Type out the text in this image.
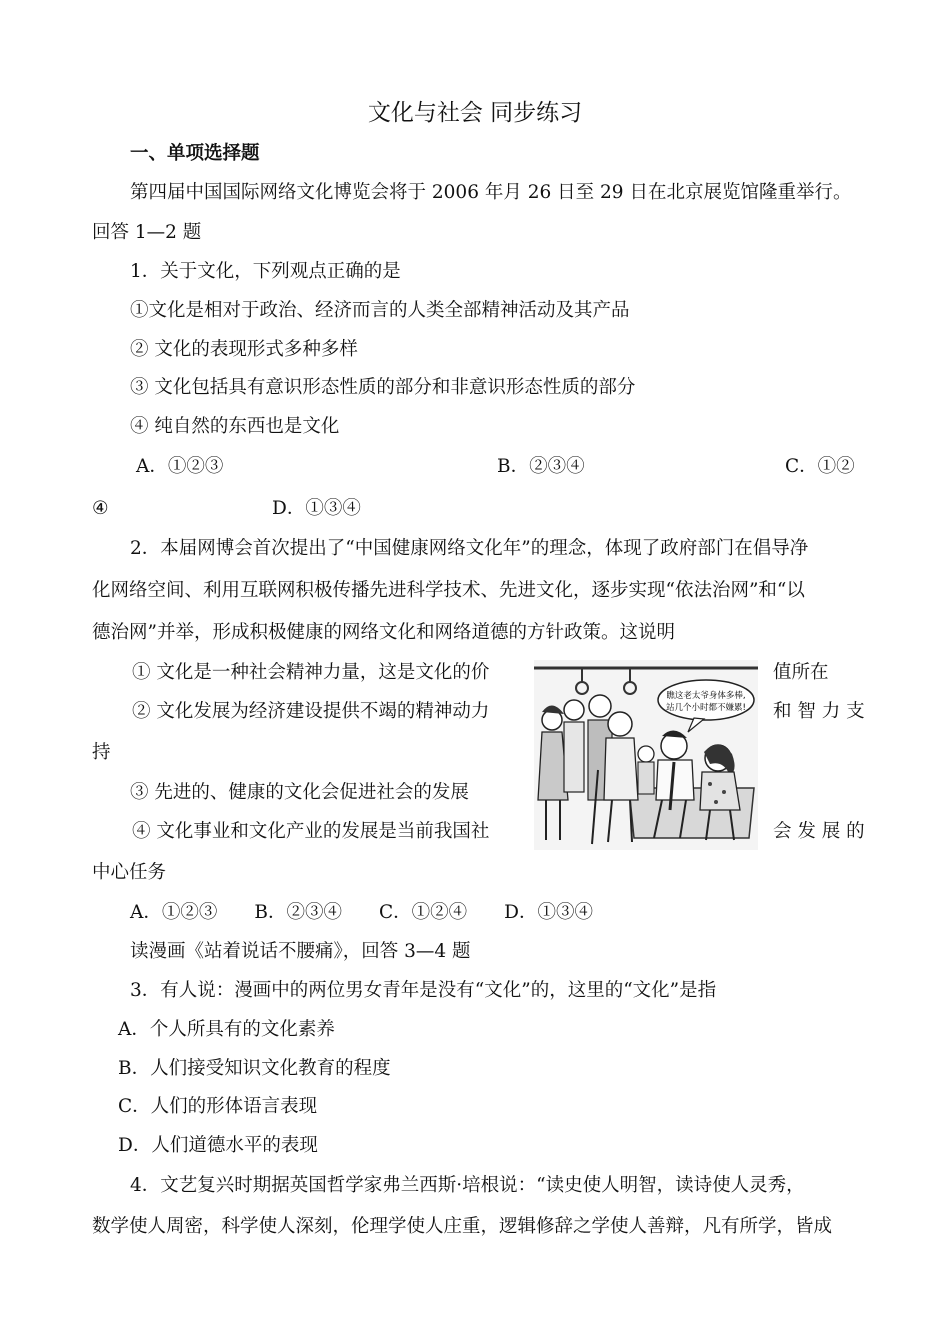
文化与社会 同步练习
一、单项选择题
第四届中国国际网络文化博览会将于 2006 年月 26 日至 29 日在北京展览馆隆重举行。
回答 1—2 题
1．关于文化，下列观点正确的是
①文化是相对于政治、经济而言的人类全部精神活动及其产品
② 文化的表现形式多种多样
③ 文化包括具有意识形态性质的部分和非意识形态性质的部分
④ 纯自然的东西也是文化
A．①②③	B．②③④	C．①②
④	D．①③④
2．本届网博会首次提出了“中国健康网络文化年”的理念，体现了政府部门在倡导净
化网络空间、利用互联网积极传播先进科学技术、先进文化，逐步实现“依法治网”和“以
德治网”并举，形成积极健康的网络文化和网络道德的方针政策。这说明
① 文化是一种社会精神力量，这是文化的价	值所在
② 文化发展为经济建设提供不竭的精神动力	和 智 力 支
持
③ 先进的、健康的文化会促进社会的发展
④ 文化事业和文化产业的发展是当前我国社	会 发 展 的
中心任务
A．①②③　　B．②③④　　C．①②④　　D．①③④
瞧这老太爷身体多棒,
站几个小时都不嫌累!
读漫画《站着说话不腰痛》，回答 3—4 题
3．有人说：漫画中的两位男女青年是没有“文化”的，这里的“文化”是指
A．个人所具有的文化素养
B．人们接受知识文化教育的程度
C．人们的形体语言表现
D．人们道德水平的表现
4．文艺复兴时期据英国哲学家弗兰西斯·培根说：“读史使人明智，读诗使人灵秀，
数学使人周密，科学使人深刻，伦理学使人庄重，逻辑修辞之学使人善辩，凡有所学，皆成
